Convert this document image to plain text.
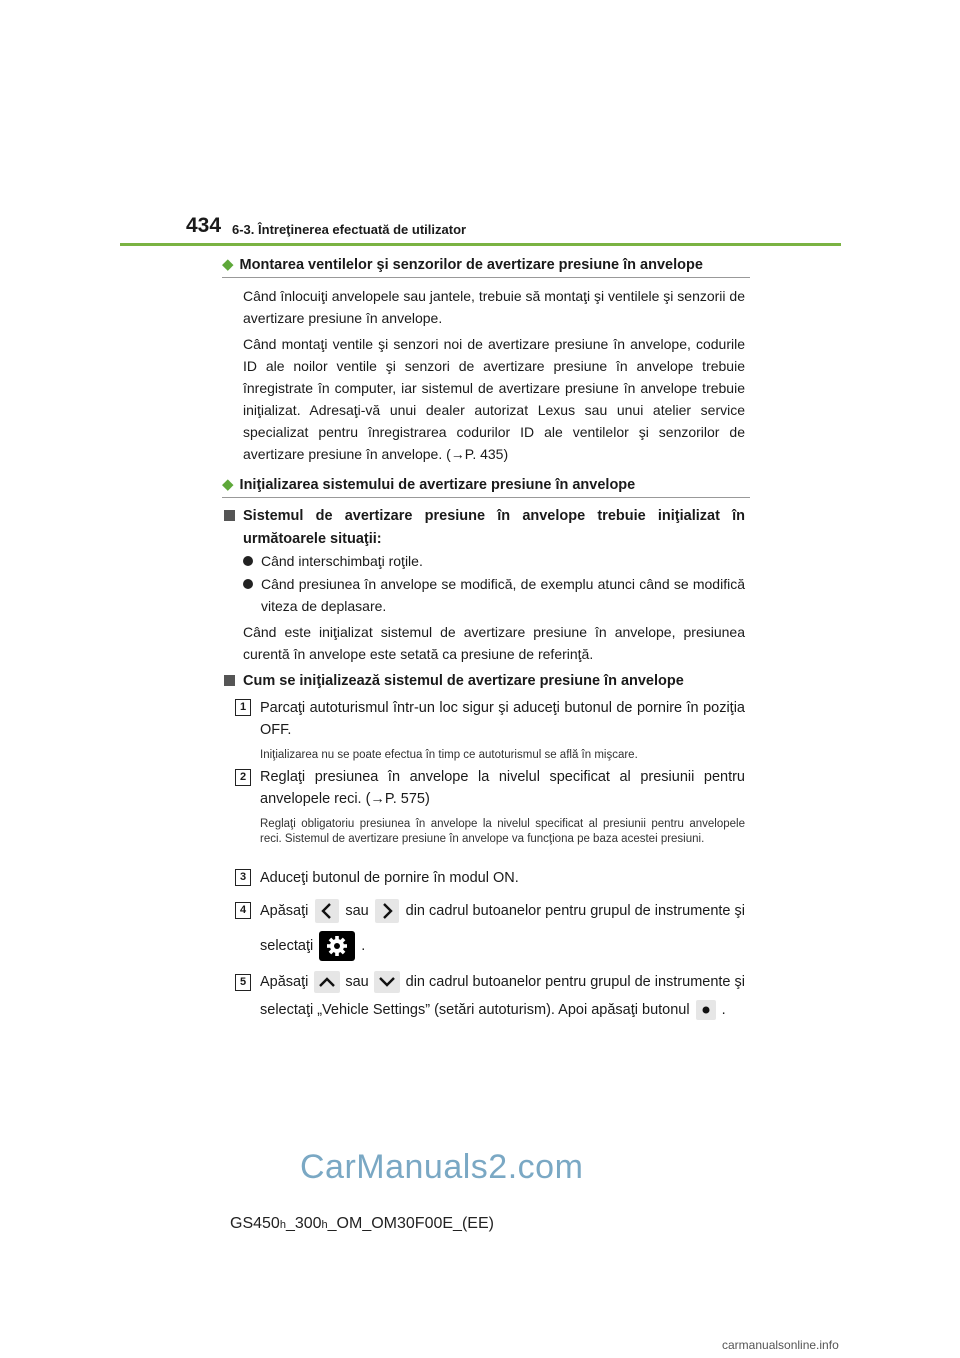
434 6-3. Întreţinerea efectuată de utilizator
◆ Montarea ventilelor şi senzorilor de avertizare presiune în anvelope
Când înlocuiţi anvelopele sau jantele, trebuie să montaţi şi ventilele şi senzorii de avertizare presiune în anvelope.
Când montaţi ventile şi senzori noi de avertizare presiune în anvelope, codurile ID ale noilor ventile şi senzori de avertizare presiune în anvelope trebuie înregistrate în computer, iar sistemul de avertizare presiune în anvelope trebuie iniţializat. Adresaţi-vă unui dealer autorizat Lexus sau unui atelier service specializat pentru înregistrarea codurilor ID ale ventilelor şi senzorilor de avertizare presiune în anvelope. (→P. 435)
◆ Iniţializarea sistemului de avertizare presiune în anvelope
Sistemul de avertizare presiune în anvelope trebuie iniţializat în următoarele situaţii:
Când interschimbaţi roţile.
Când presiunea în anvelope se modifică, de exemplu atunci când se modifică viteza de deplasare.
Când este iniţializat sistemul de avertizare presiune în anvelope, presiunea curentă în anvelope este setată ca presiune de referinţă.
Cum se iniţializează sistemul de avertizare presiune în anvelope
1 Parcaţi autoturismul într-un loc sigur şi aduceţi butonul de pornire în poziţia OFF.
Iniţializarea nu se poate efectua în timp ce autoturismul se află în mişcare.
2 Reglaţi presiunea în anvelope la nivelul specificat al presiunii pentru anvelopele reci. (→P. 575)
Reglaţi obligatoriu presiunea în anvelope la nivelul specificat al presiunii pentru anvelopele reci. Sistemul de avertizare presiune în anvelope va funcţiona pe baza acestei presiuni.
3 Aduceţi butonul de pornire în modul ON.
4 Apăsaţi	sau	din cadrul butoanelor pentru grupul de instrumente şi
selectaţi	.
5 Apăsaţi	sau	din cadrul butoanelor pentru grupul de instrumente şi
selectaţi „Vehicle Settings” (setări autoturism). Apoi apăsaţi butonul .
GS450h_300h_OM_OM30F00E_(EE)
CarManuals2.com
carmanualsonline.info
